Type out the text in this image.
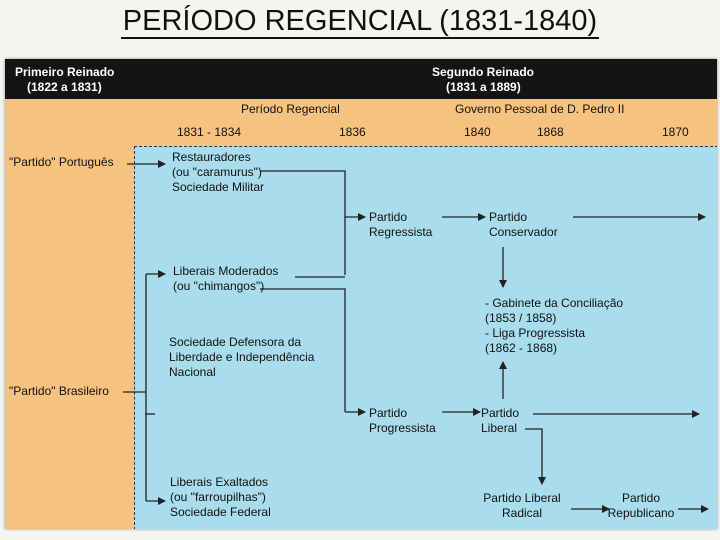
PERÍODO REGENCIAL (1831-1840)
Primeiro Reinado
(1822 a 1831)
Segundo Reinado
(1831 a 1889)
Período Regencial	Governo Pessoal de D. Pedro II
1831 - 1834	1836	1840	1868	1870
"Partido" Português
"Partido" Brasileiro
Restauradores
(ou "caramurus")
Sociedade Militar
Liberais Moderados
(ou "chimangos")
Sociedade Defensora da
Liberdade e Independência
Nacional
Liberais Exaltados
(ou "farroupilhas")
Sociedade Federal
Partido
Regressista
Partido
Progressista
Partido
Conservador
Partido
Liberal
- Gabinete da Conciliação
(1853 / 1858)
- Liga Progressista
(1862 - 1868)
Partido Liberal
Radical
Partido
Republicano
